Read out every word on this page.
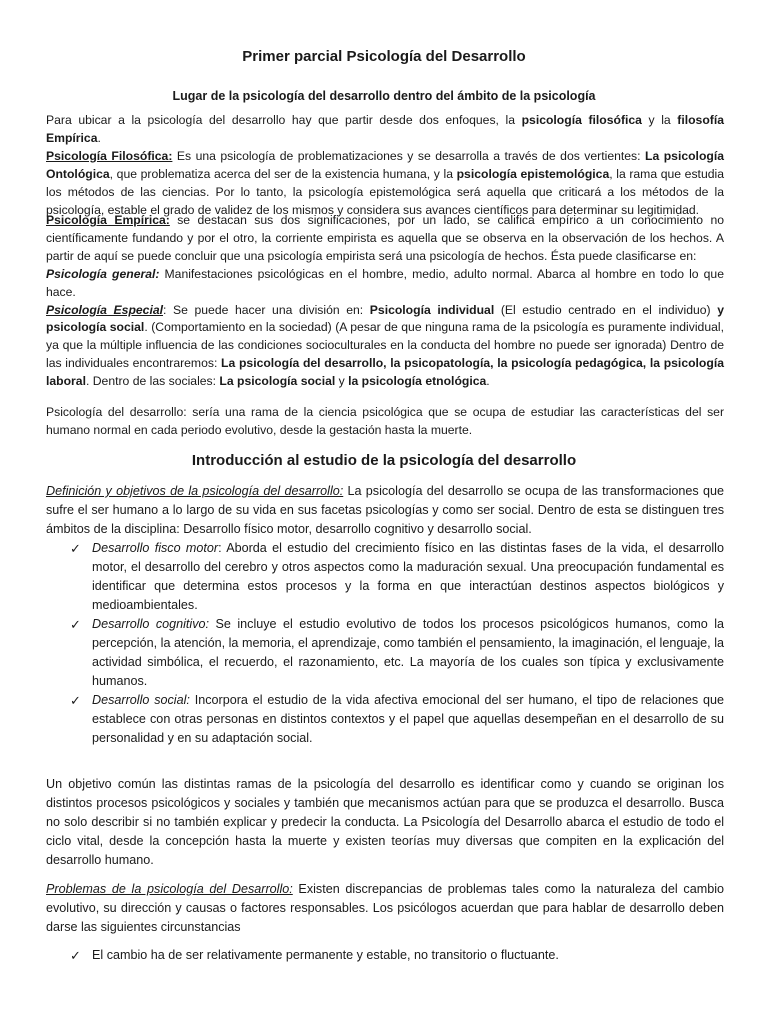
Primer parcial Psicología del Desarrollo
Lugar de la psicología del desarrollo dentro del ámbito de la psicología

Para ubicar a la psicología del desarrollo hay que partir desde dos enfoques, la psicología filosófica y la filosofía Empírica.
Psicología Filosófica: Es una psicología de problematizaciones y se desarrolla a través de dos vertientes: La psicología Ontológica, que problematiza acerca del ser de la existencia humana, y la psicología epistemológica, la rama que estudia los métodos de las ciencias. Por lo tanto, la psicología epistemológica será aquella que criticará a los métodos de la psicología, estable el grado de validez de los mismos y considera sus avances científicos para determinar su legitimidad.

Psicología Empírica: se destacan sus dos significaciones, por un lado, se califica empírico a un conocimiento no científicamente fundando y por el otro, la corriente empirista es aquella que se observa en la observación de los hechos. A partir de aquí se puede concluir que una psicología empirista será una psicología de hechos. Ésta puede clasificarse en:
Psicología general: Manifestaciones psicológicas en el hombre, medio, adulto normal. Abarca al hombre en todo lo que hace.
Psicología Especial: Se puede hacer una división en: Psicología individual (El estudio centrado en el individuo) y psicología social. (Comportamiento en la sociedad) (A pesar de que ninguna rama de la psicología es puramente individual, ya que la múltiple influencia de las condiciones socioculturales en la conducta del hombre no puede ser ignorada) Dentro de las individuales encontraremos: La psicología del desarrollo, la psicopatología, la psicología pedagógica, la psicología laboral. Dentro de las sociales: La psicología social y la psicología etnológica.

Psicología del desarrollo: sería una rama de la ciencia psicológica que se ocupa de estudiar las características del ser humano normal en cada periodo evolutivo, desde la gestación hasta la muerte.

Introducción al estudio de la psicología del desarrollo

Definición y objetivos de la psicología del desarrollo: La psicología del desarrollo se ocupa de las transformaciones que sufre el ser humano a lo largo de su vida en sus facetas psicologías y como ser social. Dentro de esta se distinguen tres ámbitos de la disciplina: Desarrollo físico motor, desarrollo cognitivo y desarrollo social.

✓ Desarrollo fisco motor: Aborda el estudio del crecimiento físico en las distintas fases de la vida, el desarrollo motor, el desarrollo del cerebro y otros aspectos como la maduración sexual. Una preocupación fundamental es identificar que determina estos procesos y la forma en que interactúan destinos aspectos biológicos y medioambientales.
✓ Desarrollo cognitivo: Se incluye el estudio evolutivo de todos los procesos psicológicos humanos, como la percepción, la atención, la memoria, el aprendizaje, como también el pensamiento, la imaginación, el lenguaje, la actividad simbólica, el recuerdo, el razonamiento, etc. La mayoría de los cuales son típica y exclusivamente humanos.
✓ Desarrollo social: Incorpora el estudio de la vida afectiva emocional del ser humano, el tipo de relaciones que establece con otras personas en distintos contextos y el papel que aquellas desempeñan en el desarrollo de su personalidad y en su adaptación social.

Un objetivo común las distintas ramas de la psicología del desarrollo es identificar como y cuando se originan los distintos procesos psicológicos y sociales y también que mecanismos actúan para que se produzca el desarrollo. Busca no solo describir si no también explicar y predecir la conducta. La Psicología del Desarrollo abarca el estudio de todo el ciclo vital, desde la concepción hasta la muerte y existen teorías muy diversas que compiten en la explicación del desarrollo humano.

Problemas de la psicología del Desarrollo: Existen discrepancias de problemas tales como la naturaleza del cambio evolutivo, su dirección y causas o factores responsables. Los psicólogos acuerdan que para hablar de desarrollo deben darse las siguientes circunstancias

✓ El cambio ha de ser relativamente permanente y estable, no transitorio o fluctuante.
